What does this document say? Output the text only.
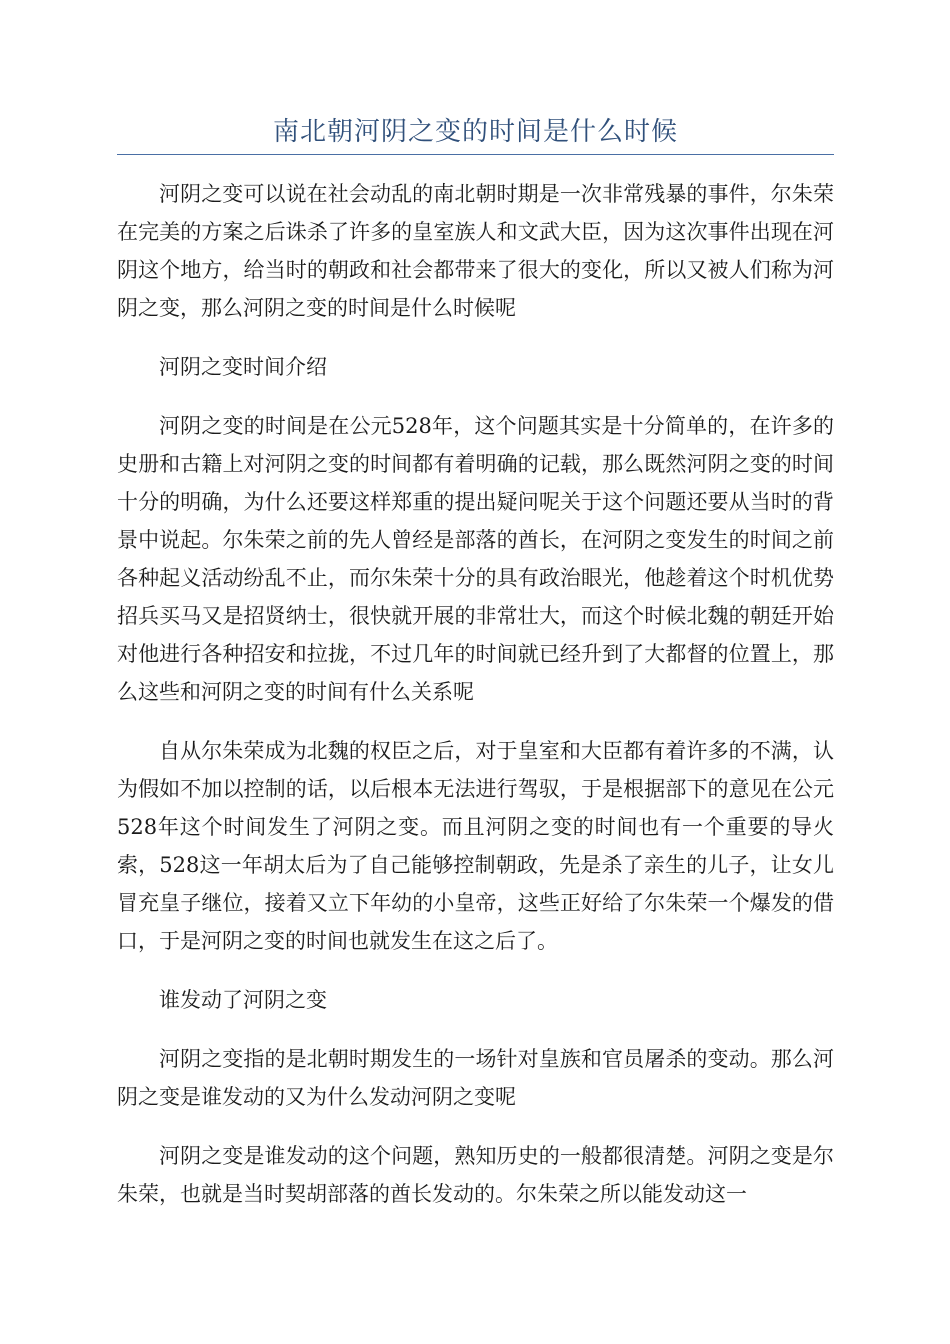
南北朝河阴之变的时间是什么时候

河阴之变可以说在社会动乱的南北朝时期是一次非常残暴的事件，尔朱荣在完美的方案之后诛杀了许多的皇室族人和文武大臣，因为这次事件出现在河阴这个地方，给当时的朝政和社会都带来了很大的变化，所以又被人们称为河阴之变，那么河阴之变的时间是什么时候呢

河阴之变时间介绍

河阴之变的时间是在公元528年，这个问题其实是十分简单的，在许多的史册和古籍上对河阴之变的时间都有着明确的记载，那么既然河阴之变的时间十分的明确，为什么还要这样郑重的提出疑问呢关于这个问题还要从当时的背景中说起。尔朱荣之前的先人曾经是部落的酋长，在河阴之变发生的时间之前各种起义活动纷乱不止，而尔朱荣十分的具有政治眼光，他趁着这个时机优势招兵买马又是招贤纳士，很快就开展的非常壮大，而这个时候北魏的朝廷开始对他进行各种招安和拉拢，不过几年的时间就已经升到了大都督的位置上，那么这些和河阴之变的时间有什么关系呢

自从尔朱荣成为北魏的权臣之后，对于皇室和大臣都有着许多的不满，认为假如不加以控制的话，以后根本无法进行驾驭，于是根据部下的意见在公元528年这个时间发生了河阴之变。而且河阴之变的时间也有一个重要的导火索，528这一年胡太后为了自己能够控制朝政，先是杀了亲生的儿子，让女儿冒充皇子继位，接着又立下年幼的小皇帝，这些正好给了尔朱荣一个爆发的借口，于是河阴之变的时间也就发生在这之后了。

谁发动了河阴之变

河阴之变指的是北朝时期发生的一场针对皇族和官员屠杀的变动。那么河阴之变是谁发动的又为什么发动河阴之变呢

河阴之变是谁发动的这个问题，熟知历史的一般都很清楚。河阴之变是尔朱荣，也就是当时契胡部落的酋长发动的。尔朱荣之所以能发动这一
